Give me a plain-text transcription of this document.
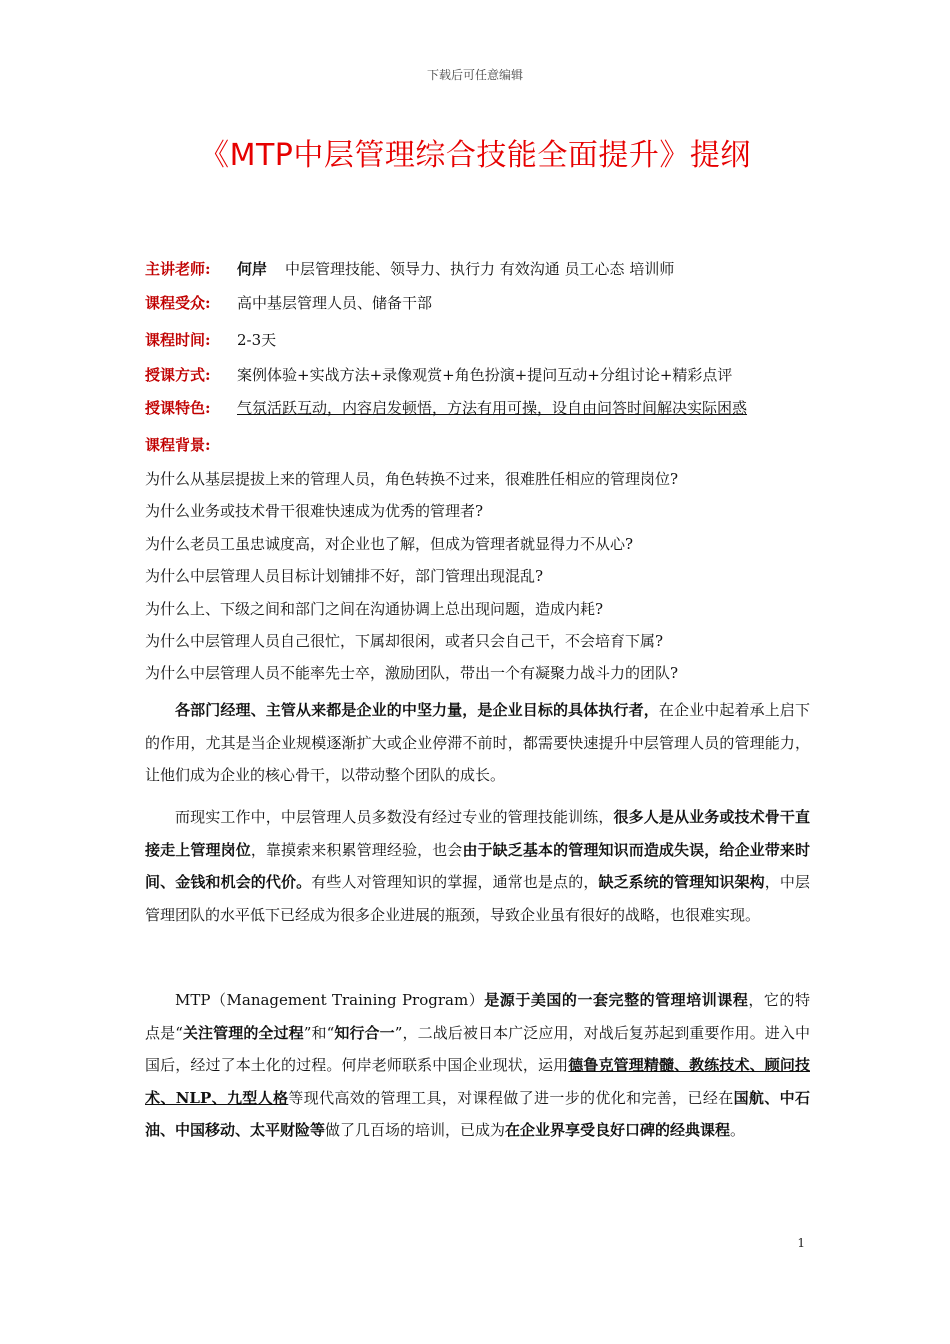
下载后可任意编辑
《MTP中层管理综合技能全面提升》提纲
主讲老师: 何岸 中层管理技能、领导力、执行力 有效沟通 员工心态 培训师
课程受众: 高中基层管理人员、储备干部
课程时间: 2-3天
授课方式: 案例体验+实战方法+录像观赏+角色扮演+提问互动+分组讨论+精彩点评
授课特色: 气氛活跃互动，内容启发顿悟，方法有用可操，设自由问答时间解决实际困惑
课程背景:
为什么从基层提拔上来的管理人员，角色转换不过来，很难胜任相应的管理岗位?
为什么业务或技术骨干很难快速成为优秀的管理者?
为什么老员工虽忠诚度高，对企业也了解，但成为管理者就显得力不从心?
为什么中层管理人员目标计划铺排不好，部门管理出现混乱?
为什么上、下级之间和部门之间在沟通协调上总出现问题，造成内耗?
为什么中层管理人员自己很忙，下属却很闲，或者只会自己干，不会培育下属?
为什么中层管理人员不能率先士卒，激励团队，带出一个有凝聚力战斗力的团队?
各部门经理、主管从来都是企业的中坚力量，是企业目标的具体执行者，在企业中起着承上启下的作用，尤其是当企业规模逐渐扩大或企业停滞不前时，都需要快速提升中层管理人员的管理能力，让他们成为企业的核心骨干，以带动整个团队的成长。
而现实工作中，中层管理人员多数没有经过专业的管理技能训练，很多人是从业务或技术骨干直接走上管理岗位，靠摸索来积累管理经验，也会由于缺乏基本的管理知识而造成失误，给企业带来时间、金钱和机会的代价。有些人对管理知识的掌握，通常也是点的，缺乏系统的管理知识架构，中层管理团队的水平低下已经成为很多企业进展的瓶颈，导致企业虽有很好的战略，也很难实现。
MTP（Management Training Program）是源于美国的一套完整的管理培训课程，它的特点是“关注管理的全过程”和“知行合一”，二战后被日本广泛应用，对战后复苏起到重要作用。进入中国后，经过了本土化的过程。何岸老师联系中国企业现状，运用德鲁克管理精髓、教练技术、顾问技术、NLP、九型人格等现代高效的管理工具，对课程做了进一步的优化和完善，已经在国航、中石油、中国移动、太平财险等做了几百场的培训，已成为在企业界享受良好口碑的经典课程。
1
